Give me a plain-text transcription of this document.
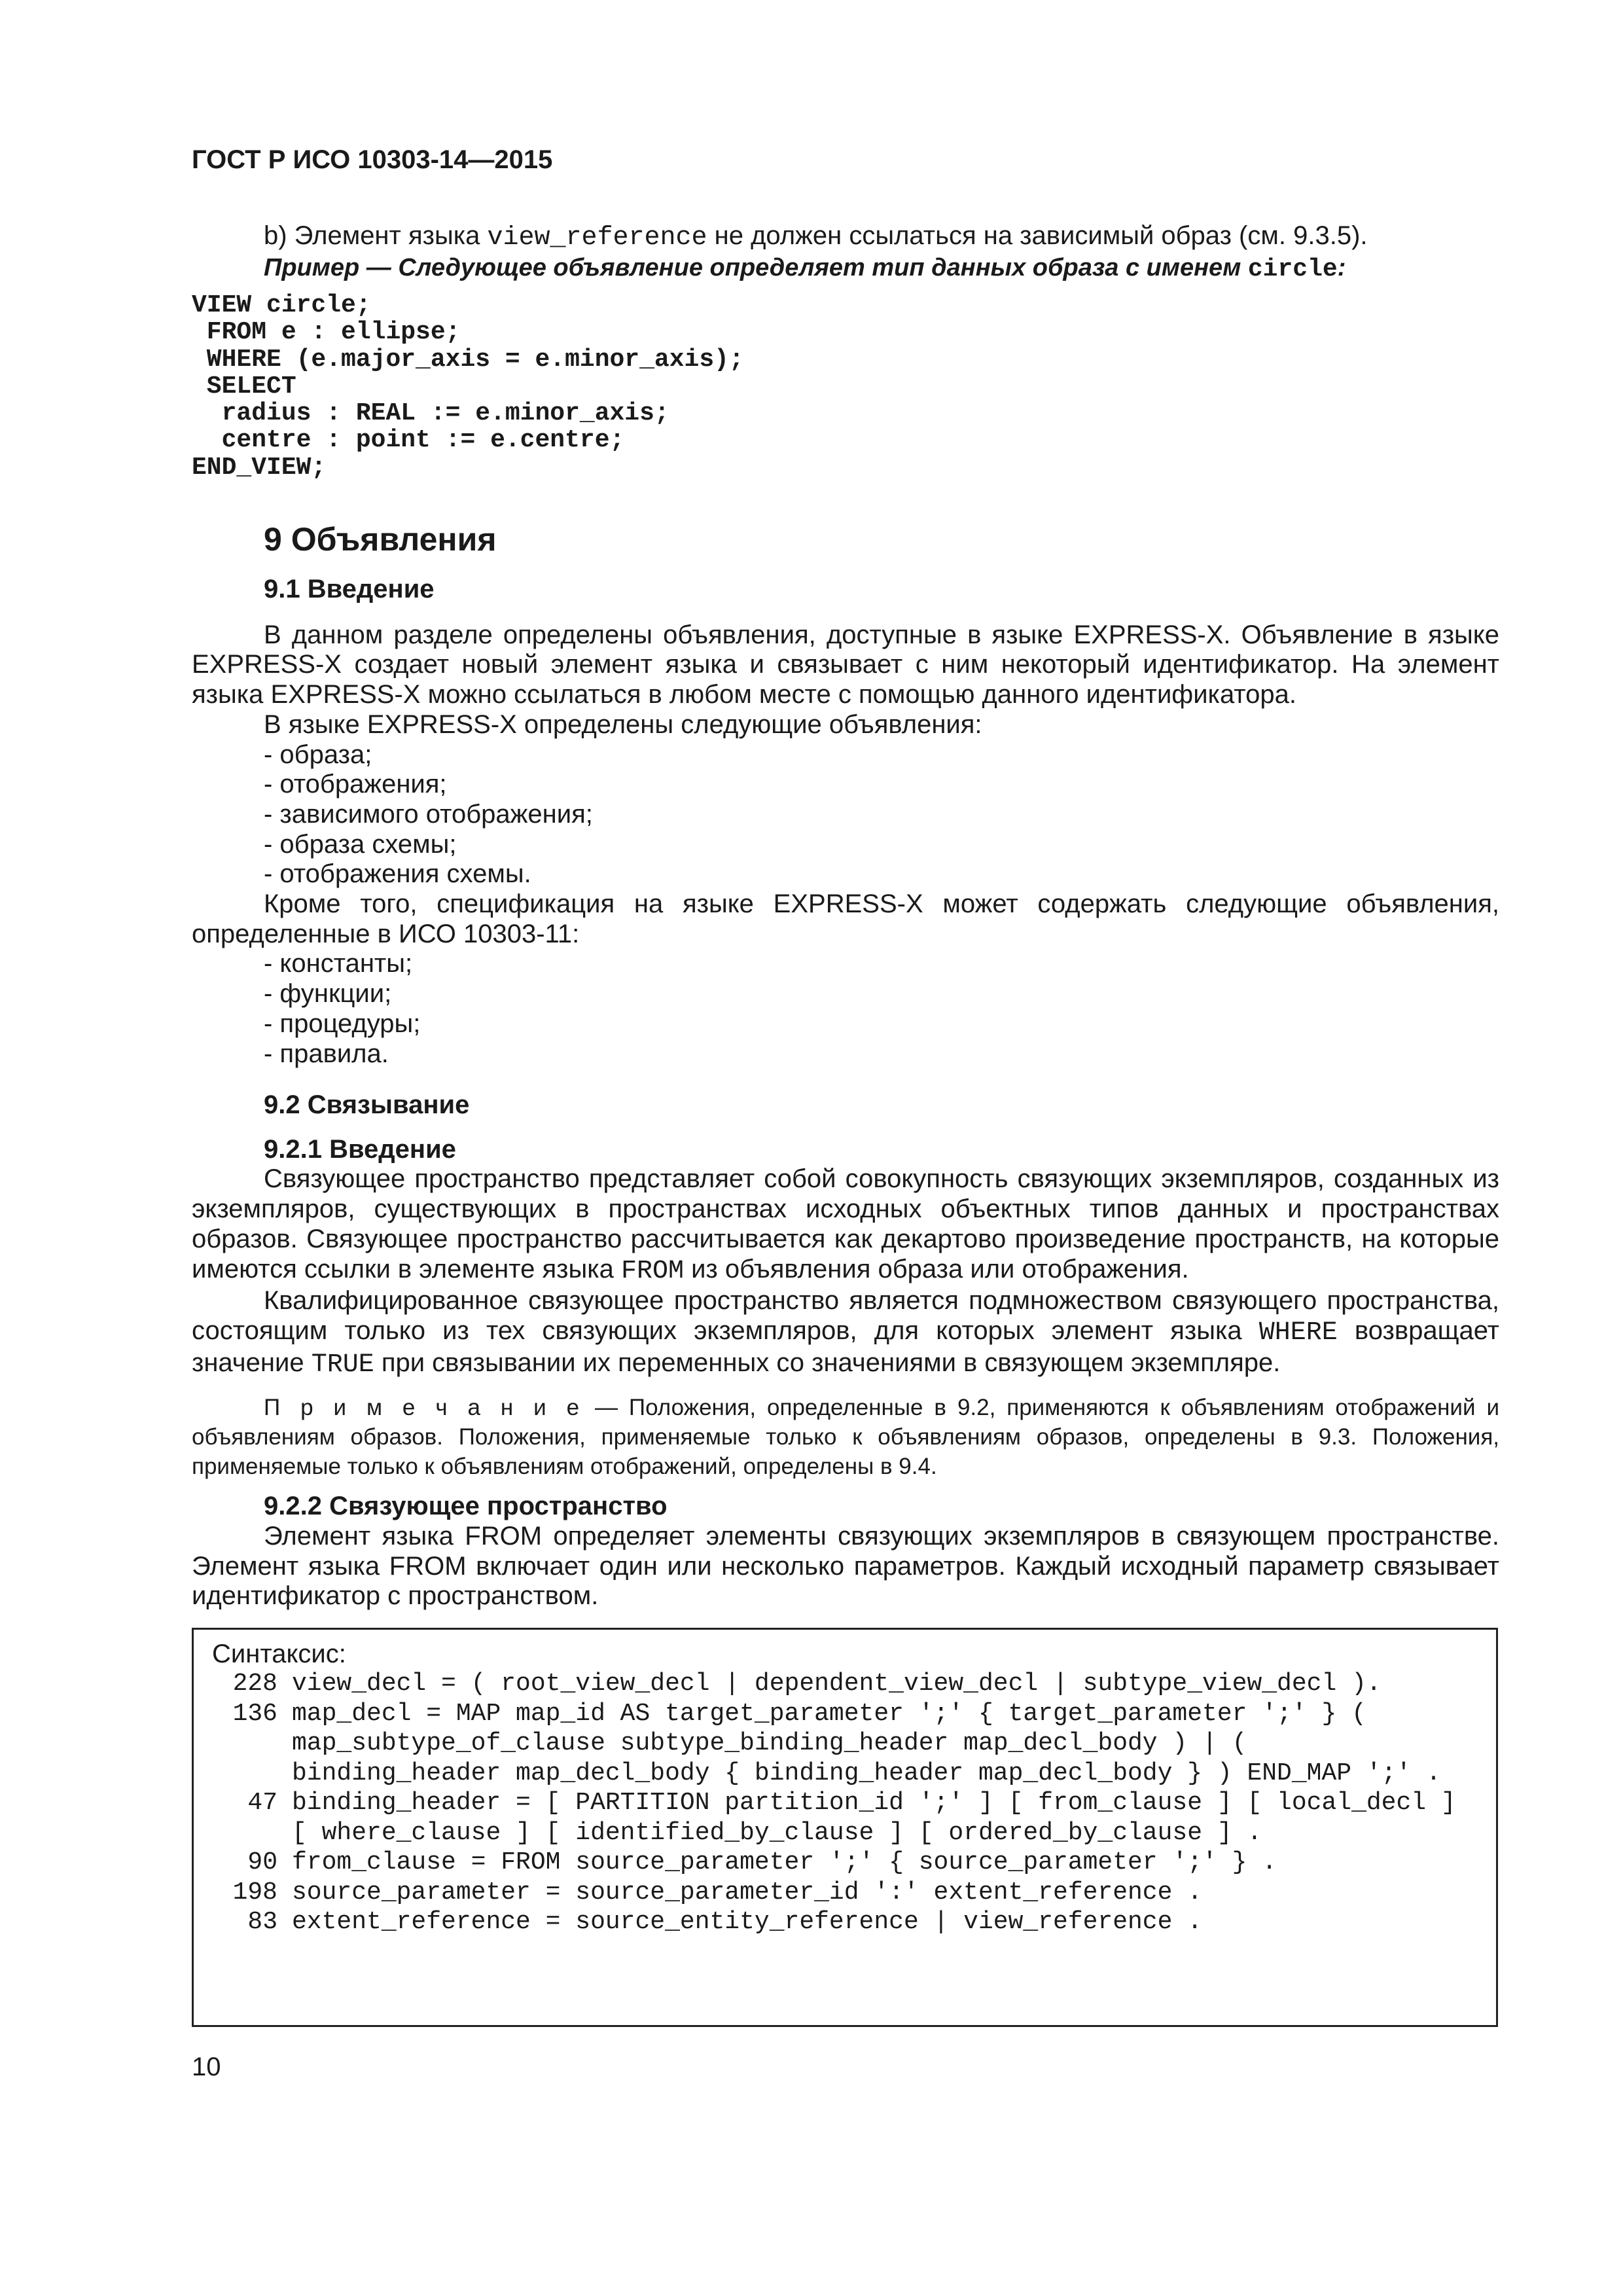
ГОСТ Р ИСО 10303-14—2015

b) Элемент языка view_reference не должен ссылаться на зависимый образ (см. 9.3.5).

Пример — Следующее объявление определяет тип данных образа с именем circle:

VIEW circle;
FROM e : ellipse;
WHERE (e.major_axis = e.minor_axis);
SELECT
radius : REAL := e.minor_axis;
centre : point := e.centre;
END_VIEW;
9 Объявления

9.1 Введение

В данном разделе определены объявления, доступные в языке EXPRESS-X. Объявление в языке EXPRESS-X создает новый элемент языка и связывает с ним некоторый идентификатор. На элемент языка EXPRESS-X можно ссылаться в любом месте с помощью данного идентификатора.

В языке EXPRESS-X определены следующие объявления:

- образа;

- отображения;

- зависимого отображения;

- образа схемы;

- отображения схемы.

Кроме того, спецификация на языке EXPRESS-X может содержать следующие объявления, определенные в ИСО 10303-11:

- константы;

- функции;

- процедуры;

- правила.

9.2 Связывание

9.2.1 Введение

Связующее пространство представляет собой совокупность связующих экземпляров, созданных из экземпляров, существующих в пространствах исходных объектных типов данных и пространствах образов. Связующее пространство рассчитывается как декартово произведение пространств, на которые имеются ссылки в элементе языка FROM из объявления образа или отображения.

Квалифицированное связующее пространство является подмножеством связующего пространства, состоящим только из тех связующих экземпляров, для которых элемент языка WHERE возвращает значение TRUE при связывании их переменных со значениями в связующем экземпляре.

П р и м е ч а н и е — Положения, определенные в 9.2, применяются к объявлениям отображений и объявлениям образов. Положения, применяемые только к объявлениям образов, определены в 9.3. Положения, применяемые только к объявлениям отображений, определены в 9.4.

9.2.2 Связующее пространство

Элемент языка FROM определяет элементы связующих экземпляров в связующем пространстве. Элемент языка FROM включает один или несколько параметров. Каждый исходный параметр связывает идентификатор с пространством.

Синтаксис:

228 view_decl = ( root_view_decl | dependent_view_decl | subtype_view_decl ).

136 map_decl = MAP map_id AS target_parameter ';' { target_parameter ';' } ( map_subtype_of_clause subtype_binding_header map_decl_body ) | ( binding_header map_decl_body { binding_header map_decl_body } ) END_MAP ';' .

47 binding_header = [ PARTITION partition_id ';' ] [ from_clause ] [ local_decl ] [ where_clause ] [ identified_by_clause ] [ ordered_by_clause ] .

90 from_clause = FROM source_parameter ';' { source_parameter ';' } .

198 source_parameter = source_parameter_id ':' extent_reference .

83 extent_reference = source_entity_reference | view_reference .

10
